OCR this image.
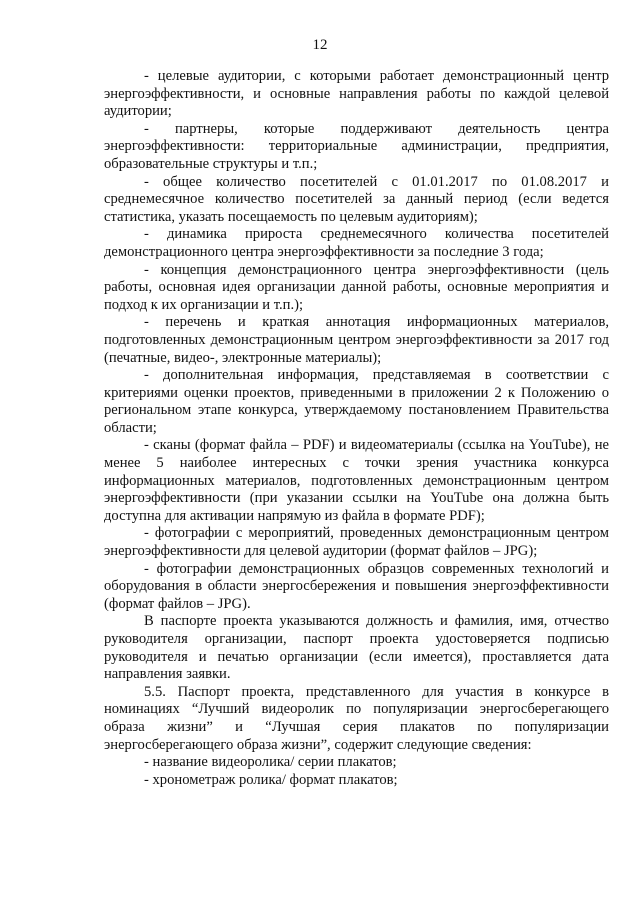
12

- целевые аудитории, с которыми работает демонстрационный центр энергоэффективности, и основные направления работы по каждой целевой аудитории;

- партнеры, которые поддерживают деятельность центра энергоэффективности: территориальные администрации, предприятия, образовательные структуры и т.п.;

- общее количество посетителей с 01.01.2017 по 01.08.2017 и среднемесячное количество посетителей за данный период (если ведется статистика, указать посещаемость по целевым аудиториям);

- динамика прироста среднемесячного количества посетителей демонстрационного центра энергоэффективности за последние 3 года;

- концепция демонстрационного центра энергоэффективности (цель работы, основная идея организации данной работы, основные мероприятия и подход к их организации и т.п.);

- перечень и краткая аннотация информационных материалов, подготовленных демонстрационным центром энергоэффективности за 2017 год (печатные, видео-, электронные материалы);

- дополнительная информация, представляемая в соответствии с критериями оценки проектов, приведенными в приложении 2 к Положению о региональном этапе конкурса, утверждаемому постановлением Правительства области;

- сканы (формат файла – PDF) и видеоматериалы (ссылка на YouTube), не менее 5 наиболее интересных с точки зрения участника конкурса информационных материалов, подготовленных демонстрационным центром энергоэффективности (при указании ссылки на YouTube она должна быть доступна для активации напрямую из файла в формате PDF);

- фотографии с мероприятий, проведенных демонстрационным центром энергоэффективности для целевой аудитории (формат файлов – JPG);

- фотографии демонстрационных образцов современных технологий и оборудования в области энергосбережения и повышения энергоэффективности (формат файлов – JPG).

В паспорте проекта указываются должность и фамилия, имя, отчество руководителя организации, паспорт проекта удостоверяется подписью руководителя и печатью организации (если имеется), проставляется дата направления заявки.

5.5. Паспорт проекта, представленного для участия в конкурсе в номинациях “Лучший видеоролик по популяризации энергосберегающего образа жизни” и “Лучшая серия плакатов по популяризации энергосберегающего образа жизни”, содержит следующие сведения:

- название видеоролика/ серии плакатов;

- хронометраж ролика/ формат плакатов;
